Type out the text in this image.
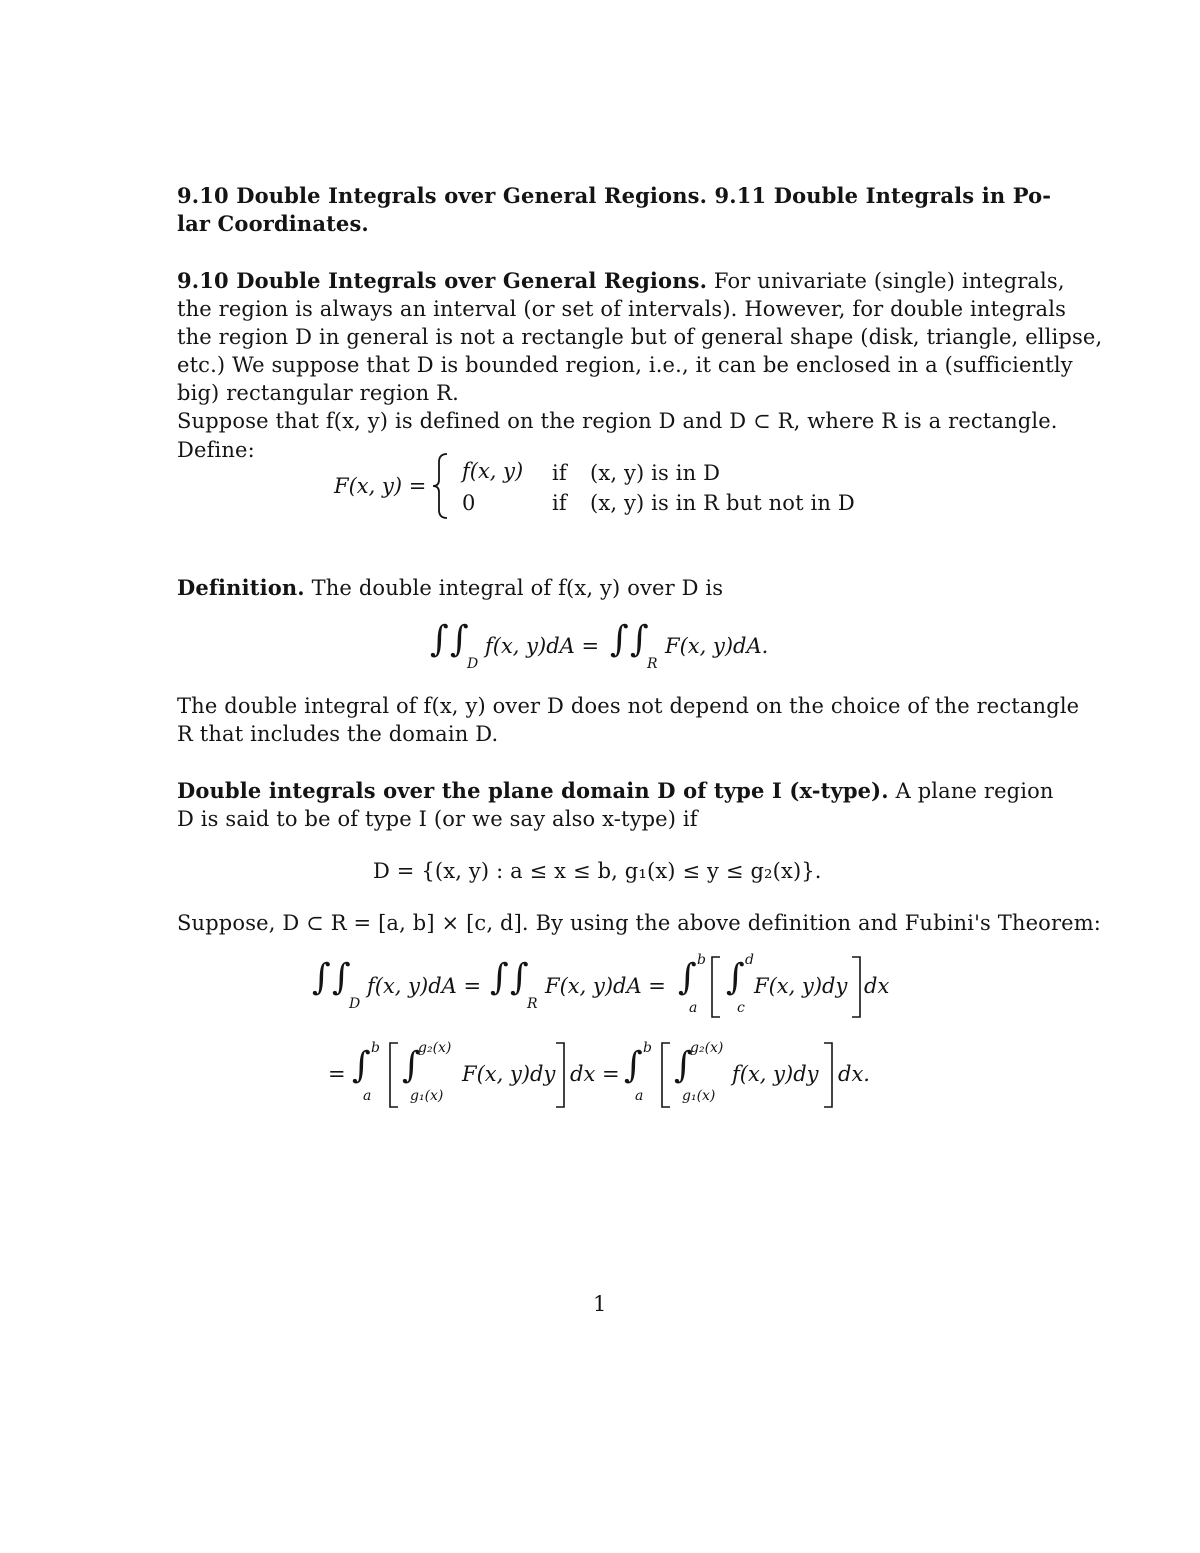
9.10 Double Integrals over General Regions. 9.11 Double Integrals in Po-
lar Coordinates.
9.10 Double Integrals over General Regions. For univariate (single) integrals,
the region is always an interval (or set of intervals). However, for double integrals
the region D in general is not a rectangle but of general shape (disk, triangle, ellipse,
etc.) We suppose that D is bounded region, i.e., it can be enclosed in a (sufficiently
big) rectangular region R.
Suppose that f(x, y) is defined on the region D and D ⊂ R, where R is a rectangle.
Define:
F(x, y) =
f(x, y) if (x, y) is in D
0	if (x, y) is in R but not in D
Definition. The double integral of f(x, y) over D is
∫ ∫
D
f(x, y)dA = ∫ ∫
R
F(x, y)dA.
The double integral of f(x, y) over D does not depend on the choice of the rectangle
R that includes the domain D.
Double integrals over the plane domain D of type I (x-type). A plane region
D is said to be of type I (or we say also x-type) if
D = {(x, y) : a ≤ x ≤ b, g₁(x) ≤ y ≤ g₂(x)}.
Suppose, D ⊂ R = [a, b] × [c, d]. By using the above definition and Fubini's Theorem:
∫ ∫
D
f(x, y)dA = ∫ ∫
R
F(x, y)dA = ∫ b
a
∫ d
c
F(x, y)dy dx
= ∫ b
a
∫
g₂(x)
g₁(x)
F(x, y)dy dx = ∫ b
a
∫
g₂(x)
g₁(x)
f(x, y)dy dx.
1
